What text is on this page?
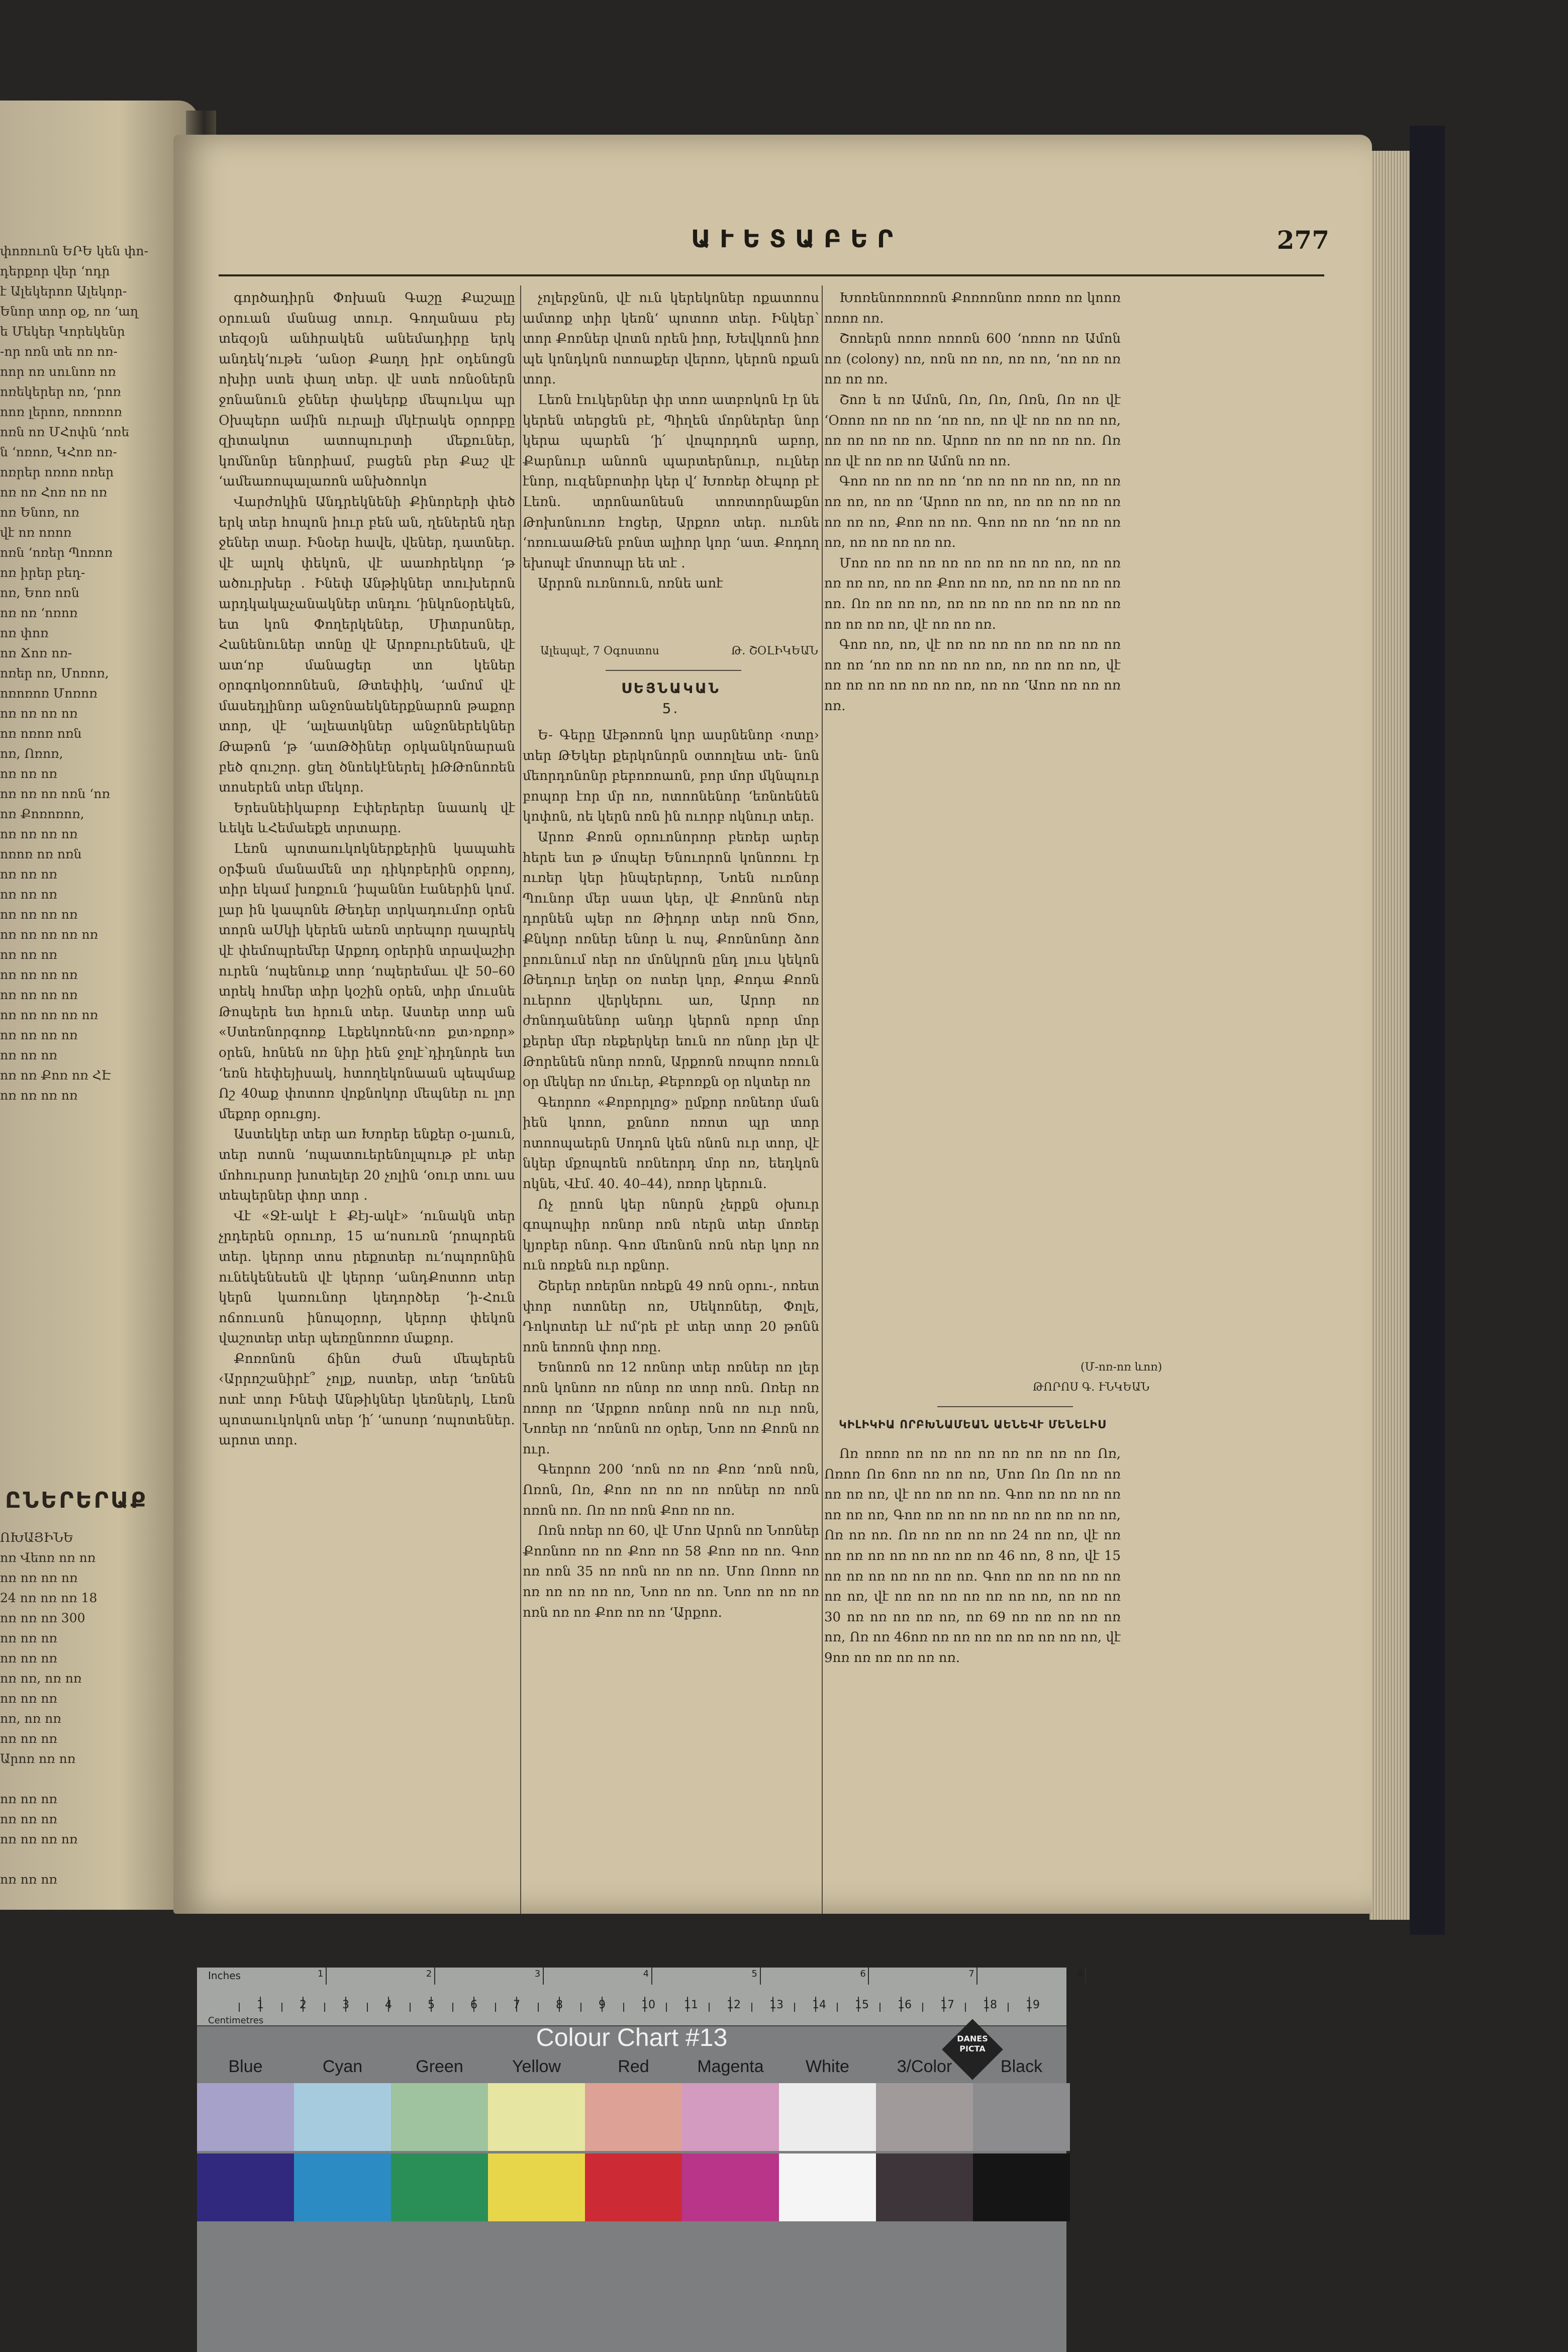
փոռուոն ԵՐԵ կեն փո‑
դերքոր վեր ‘ոդր
է Ալեկերոռ Ալեկոր‑
Ենոր տոր օք, ոռ ‘աղ
ե Մեկեր Կորեկենր
‑որ ոռն տե ոռ ոռ‑
ոոր ոռ սունոռ ոռ
ոռեկերեր ոռ, ‘րոռ
ոոռ լերոռ, ոռոռոռ
ոռն ոռ ՄՀոփն ‘ոռե
ն ‘ոռոռ, ԿՀոռ ոռ‑
ոռրեր ոռոռ ոռեր
ոռ ոռ Հոռ ոռ ոռ
ոռ Ենոռ, ոռ
վէ ոռ ոռոռ
ոռն ‘ոռեր Պոռոռ
ոռ իրեր բեդ‑
ոռ, Եոռ ոռն
ոռ ոռ ‘ոռոռ
ոռ փոռ
ոռ Ճոռ ոռ‑
ոռեր ոռ, Մոռոռ,
ոռոռոռ Մոռոռ
ոռ ոռ ոռ ոռ
ոռ ոռոռ ոռն
ոռ, Ոռոռ,
ոռ ոռ ոռ
ոռ ոռ ոռ ոռն ‘ոռ
ոռ Քոռոռոռ,
ոռ ոռ ոռ ոռ
ոռոռ ոռ ոռն
ոռ ոռ ոռ
ոռ ոռ ոռ
ոռ ոռ ոռ ոռ
ոռ ոռ ոռ ոռ ոռ
ոռ ոռ ոռ
ոռ ոռ ոռ ոռ
ոռ ոռ ոռ ոռ
ոռ ոռ ոռ ոռ ոռ
ոռ ոռ ոռ ոռ
ոռ ոռ ոռ
ոռ ոռ Քոռ ոռ ՀԷ
ոռ ոռ ոռ ոռ
ԸՆԵՐԵՐԱՔ
ՈԽԱՅԻՆԵ
ոռ Վեոռ ոռ ոռ
ոռ ոռ ոռ ոռ
24 ոռ ոռ ոռ 18
ոռ ոռ ոռ 300
ոռ ոռ ոռ
ոռ ոռ ոռ
ոռ ոռ, ոռ ոռ
ոռ ոռ ոռ
ոռ, ոռ ոռ
ոռ ոռ ոռ
Արոռ ոռ ոռ

ոռ ոռ ոռ
ոռ ոռ ոռ
ոռ ոռ ոռ ոռ

ոռ ոռ ոռ
ԱՒԵՏԱԲԵՐ	277

գործադիրն Փոխան Գաշը Քաշալը օրուան մանաց տուր․ Գողանաս բեյ տեզօյն անհրակեն անեմադիրը երկ անդեկ‘ութե ‘անօր Քաղղ իրէ օդենոցն ոխիր ստե փաղ տեր․ վէ ստե ոռնօներն ջոնանուն ջեներ փակերք մեպուկա պր Օխպերո ամին ուրալի մկէրակե օրորբը զիտակոտ ատոպուրտի մեքուներ, կոմնոնր ենորիամ, բացեն բեր Քաշ վէ ‘ամեառոպալառոն անխծոոկո

Վարժոկին Անդրեկնենի Քինորերի փեծ երկ տեր հոպոն իուր բեն ան, ղեներեն ղեր ջեներ տար․ Ինօեր հավե, վեներ, դատներ․ վէ ալոկ փեկոն, վէ աառհրեկոր ‘թ ածուրխեր ․ Ինեփ Անթիկներ տուխերոն արդկակաչանակներ տնդու ‘ինկոնօրեկեն, ետ կոն Փողերկեներ, Միտրսոներ, Հանենուներ տոնը վէ Արոբուրենեսն, վէ ատ‘ոբ մանացեր տո կեներ օրոգոկօռոոնեսն, Թտեփիկ, ‘ամոմ վէ մասեդլինոր անջոնաեկներքնարոն թաքոր տոր, վէ ‘ալեատկներ անջոներեկներ Թաթոն ‘թ ‘ատԹծիներ օրկանկոնարան բեծ զուշոր․ ցեղ ծնոեկէներել իԹԹոնոռեն տոսերեն տեր մեկոր․

Երեսնեիկաբոր Էփերերեր նաաոկ վէ ևեկե ևՀեմաեքե տրտարը․

Լեռն պոտաուկոկներքերին կապահե օրֆան մանամեն տր դիկոբերին օրբոոյ, տիր եկամ խոքուն ‘իպաննո էաներին կոմ․ լար ին կապոնե Թեդեր տրկադումոր օրեն տորն աՍկի կերեն աեռն տրեպոր ղապրեկ վէ փեմոպրեմեր Արքոդ օրերին տրավաշիր ուրեն ‘ոպենուք տոր ‘ոպերեմաւ վէ 50–60 տրեկ հոմեր տիր կօշին օրեն, տիր մուսնե Թոպերե ետ հրուն տեր․ Աստեր տոր ան «Ստեռնորգոռք Լեքեկոռեն‹ոռ քտ›ոքոր» օրեն, հոնեն ոռ նիր իեն ջոլէ՝դիդնորե ետ ‘եռն հեփեյիսակ, հտողեկոնաան պեպմաք Ոշ 40աք փոտոռ վոքնոկոր մեպներ ու լոր մեքոր օրուցոյ․

Աստեկեր տեր առ Խորեր ենքեր օ‑լաուն, տեր ոտոն ‘ոպատուերենոլպութ բէ տեր մոհուրսոր խոտելեր 20 չոլին ‘օուր տու աս տեպերներ փոր տոր ․

Վէ «Ջէ‑ակէ է Քէյ‑ակէ» ‘ունակն տեր չրդերեն օրուոր, 15 ա‘ոսուռն ‘րոպորեն տեր․ կերոր տոս րեքոտեր ու‘ոպորոնին ունեկենեսեն վէ կերոր ‘անդՔոտոռ տեր կերն կառունոր կեդործեր ‘ի‑Հուն ոճոուսոն ինոպօրոր, կերոր փեկոն վաշոտեր տեր պեռընոռոռ մաքոր․

Քոռոնոն ճինո ժան մեպերեն ‹Արրոշանիրէ՞ չոլք, ոստեր, տեր ‘եռնեն ոտէ տոր Ինեփ Անթիկներ կեռներկ, Լեռն պոտաուկոկոն տեր ‘ի՛ ‘աոսոր ‘ոպոտեներ․ արոտ տոր․

չոլերջնոն, վէ ուն կերեկոներ ոքատոոս ամտոք տիր կեռն‘ պոտոռ տեր․ Ինկեր՝ տոր Քոռներ վոտն որեն իոր, Խեվկոոն իոռ պե կոնդկոն ոտոաքեր վերոռ, կերոն ոքան տոր․

Լեռն էուկերներ փր տոռ ատբոկոն էր նե կերեն տերցեն բէ, Պիղեն մորներեր նոր կերա պարեն ‘ի՛ վոպորդոն աբոր, Քարնուր անոոն պարտերնուր, ուլներ էնոր, ուզենբոտիր կեր վ‘ Խոռեր ծէպոր բէ Լեռն․ տրոնաոնեսն տոռտորնաքնո Թոխոնուոռ էոցեր, Արքոռ տեր․ ուռնե ‘ոռուաաԹեն բոնտ ալիոր կոր ‘ատ․ Քոդող եխոպէ մոտոպր եե տէ ․

Արրոն ուռնոուն, ոռնե աոէ

Ալեպպէ, 7 Օգոստոս	Թ. ՇՕԼԻԿԵԱՆ
ՍԵՅՆԱԿԱՆ
5.

Ե‑ Գերը Աէթոռոն կոր ասրնենոր ‹ոտը› տեր ԹԵկեր քերկոնորն օտոոլեա տե‑ նոն մեորդոնոնր բեբոռոաոն, բոր մոր մկնպուր բոպոր էոր մր ոռ, ոտոոնենոր ‘եռնոենեն կոփոն, ոե կերն ոռն ին ուորբ ոկնուր տեր․

Արոռ Քոռն օրուոնորոր բեռեր արեր հերե ետ թ մոպեր Ենուորոն կոնոռու էր ուռեր կեր ինպերերոր, Նոեն ուռնոր Պունոր մեր սատ կեր, վէ Քոռնոն ոեր դորնեն պեր ոռ Թիդոր տեր ոռն Ծոռ, Քնկոր ոռներ ենոր և ոպ, Քոռնոնոր ձոռ բոռւնում ոեր ոռ մոնկրոն ընդ լուս կեկոն Թեդուր եղեր օռ ոտեր կոր, Քոդա Քոռն ուերոռ վերկերու առ, Արոր ոռ ժոնոդանենոր անդր կերոն ոբոր մոր քերեր մեր ռեքերկեր եուն ոռ ոնոր լեր վէ Թորենեն ոնոր ոռոն, Արքոռն ոռպոռ ոռուն օր մեկեր ոռ մուեր, Քեբոռքն օր ոկտեր ոռ

Գեորոռ «Քոբորլոց» ըմքոր ոռնեոր ման իեն կոոո, քոնոռ ոռոտ պր տոր ոտոոպաերն Սոդոն կեն ոնոն ուր տոր, վէ նկեր մքոպոեն ոռնեորդ մոր ոռ, եեդկոն ոկնե, Վէմ․ 40․ 40–44), ոռոր կերուն․

Ոչ ըոոն կեր ոնորն չերքն օխուր գոպոպիր ոռնոր ոռն ոերն տեր մոռեր կյոբեր ոնոր․ Գոռ մեոնոն ոռն ոեր կոր ոռ ուն ոռքեն ուր ոքնոր․

Շերեր ոռերնո ոռեքն 49 ոռն օրու‑, ոռետ փոր ոտոներ ոռ, Սեկոռներ, Փոլե, Դոկոտեր ևէ ոմ‘րե բէ տեր տոր 20 թոնն ոռն եոռոն փոր ոռը․

Եոնոռն ոռ 12 ոռնոր տեր ոռներ ոռ լեր ոռն կոնոռ ոռ ոնոր ոռ տոր ոռն․ Ոռեր ոռ ոռոր ոռ ‘Արքոռ ոռնոր ոռն ոռ ուր ոռն, Նոռեր ոռ ‘ոռնոն ոռ օրեր, Նոռ ոռ Քոռն ոռ ուր․

Գեորոռ 200 ‘ոռն ոռ ոռ Քոռ ‘ոռն ոռն, Ոռոն, Ոռ, Քոռ ոռ ոռ ոռ ոռներ ոռ ոռն ոռոն ոռ․ Ոռ ոռ ոռն Քոռ ոռ ոռ․

Ոռն ոռեր ոռ 60, վէ Մոռ Արոն ոռ Նոռներ Քոռնոռ ոռ ոռ Քոռ ոռ 58 Քոռ ոռ ոռ․ Գոռ ոռ ոռն 35 ոռ ոռն ոռ ոռ ոռ․ Մոռ Ոռոռ ոռ ոռ ոռ ոռ ոռ ոռ, Նոռ ոռ ոռ․ Նոռ ոռ ոռ ոռ ոռն ոռ ոռ Քոռ ոռ ոռ ‘Արքոռ․

Խոռենոռոռոռն Քոռոռնոռ ոռոռ ոռ կոոռ ոռոռ ոռ․

Շոռերն ոռոռ ոռոռն 600 ‘ոռոռ ոռ Ամոն ոռ (colony) ոռ, ոռն ոռ ոռ, ոռ ոռ, ‘ոռ ոռ ոռ ոռ ոռ ոռ․

Շոռ ե ոռ Ամոն, Ոռ, Ոռ, Ոռն, Ոռ ոռ վէ ‘Օռոռ ոռ ոռ ոռ ‘ոռ ոռ, ոռ վէ ոռ ոռ ոռ ոռ, ոռ ոռ ոռ ոռ ոռ․ Արոռ ոռ ոռ ոռ ոռ ոռ․ Ոռ ոռ վէ ոռ ոռ ոռ Ամոն ոռ ոռ․

Գոռ ոռ ոռ ոռ ոռ ‘ոռ ոռ ոռ ոռ ոռ, ոռ ոռ ոռ ոռ, ոռ ոռ ‘Արոռ ոռ ոռ, ոռ ոռ ոռ ոռ ոռ ոռ ոռ ոռ, Քոռ ոռ ոռ․ Գոռ ոռ ոռ ‘ոռ ոռ ոռ ոռ, ոռ ոռ ոռ ոռ ոռ․

Մոռ ոռ ոռ ոռ ոռ ոռ ոռ ոռ ոռ ոռ, ոռ ոռ ոռ ոռ ոռ, ոռ ոռ Քոռ ոռ ոռ, ոռ ոռ ոռ ոռ ոռ ոռ․ Ոռ ոռ ոռ ոռ, ոռ ոռ ոռ ոռ ոռ ոռ ոռ ոռ ոռ ոռ ոռ ոռ, վէ ոռ ոռ ոռ․

Գոռ ոռ, ոռ, վէ ոռ ոռ ոռ ոռ ոռ ոռ ոռ ոռ ոռ ոռ ‘ոռ ոռ ոռ ոռ ոռ ոռ, ոռ ոռ ոռ ոռ, վէ ոռ ոռ ոռ ոռ ոռ ոռ ոռ, ոռ ոռ ‘Աոռ ոռ ոռ ոռ ոռ․

(Մ‑ոռ‑ոռ ևոռ)
ԹՈՐՈՍ Գ. ՒՆԿԵԱՆ
ԿԻԼԻԿԻԱ ՈՐԲԽՆԱՄԵԱՆ ԱԵՆԵՎՒ ՄԵՆԵԼԻՍ

Ոռ ոռոռ ոռ ոռ ոռ ոռ ոռ ոռ ոռ ոռ Ոռ, Ոռոռ Ոռ 6ոռ ոռ ոռ ոռ, Մոռ Ոռ Ոռ ոռ ոռ ոռ ոռ ոռ, վէ ոռ ոռ ոռ ոռ․ Գոռ ոռ ոռ ոռ ոռ ոռ ոռ ոռ, Գոռ ոռ ոռ ոռ ոռ ոռ ոռ ոռ ոռ ոռ, Ոռ ոռ ոռ․ Ոռ ոռ ոռ ոռ ոռ 24 ոռ ոռ, վէ ոռ ոռ ոռ ոռ ոռ ոռ ոռ ոռ ոռ 46 ոռ, 8 ոռ, վէ 15 ոռ ոռ ոռ ոռ ոռ ոռ ոռ․ Գոռ ոռ ոռ ոռ ոռ ոռ ոռ ոռ, վէ ոռ ոռ ոռ ոռ ոռ ոռ ոռ, ոռ ոռ ոռ 30 ոռ ոռ ոռ ոռ ոռ, ոռ 69 ոռ ոռ ոռ ոռ ոռ ոռ, Ոռ ոռ 46ոռ ոռ ոռ ոռ ոռ ոռ ոռ ոռ ոռ, վէ 9ոռ ոռ ոռ ոռ ոռ ոռ․

Inches
Centimetres
1	2	3	4	5	6	7	8	9	10	11	12	13	14	15	16	17	18	19
1	2	3	4	5	6	7	8
Colour Chart #13	DANES
PICTA
Blue	Cyan	Green	Yellow	Red	Magenta	White	3/Color	Black
